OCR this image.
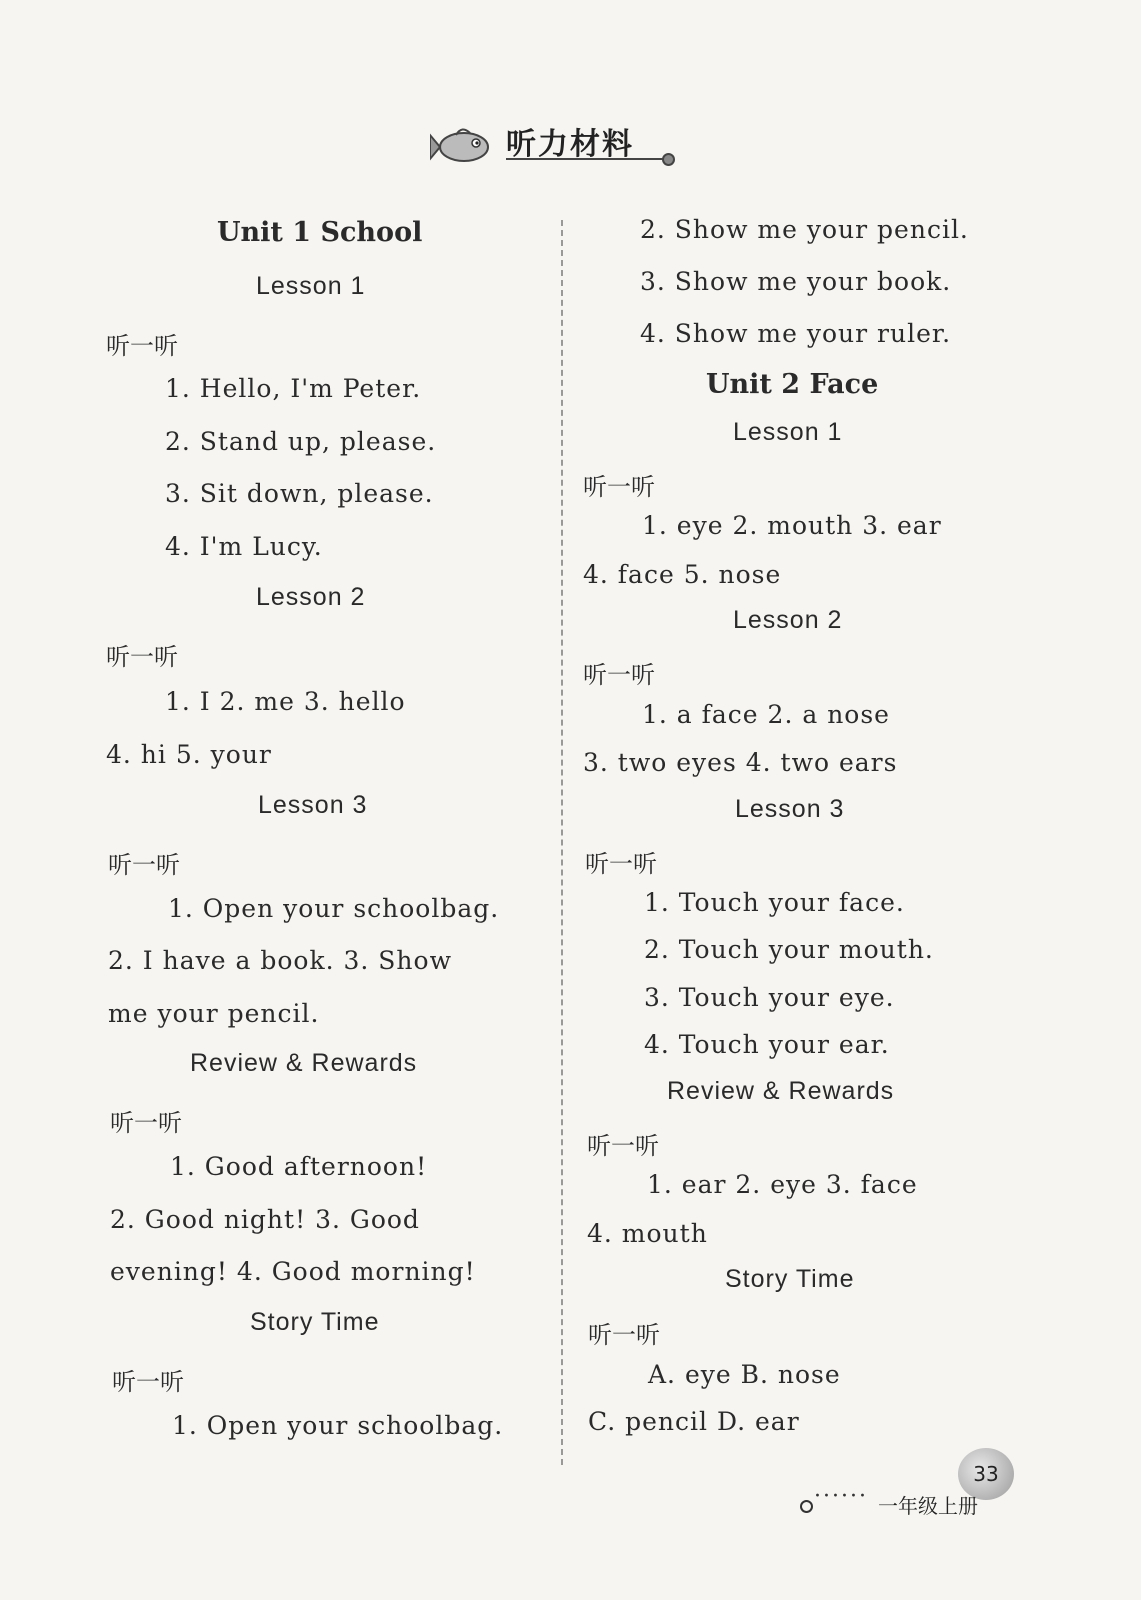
听力材料
Unit 1 School
Lesson 1
听一听
1. Hello, I'm Peter.
2. Stand up, please.
3. Sit down, please.
4. I'm Lucy.
Lesson 2
听一听
1. I 2. me 3. hello
4. hi 5. your
Lesson 3
听一听
1. Open your schoolbag.
2. I have a book. 3. Show
me your pencil.
Review & Rewards
听一听
1. Good afternoon!
2. Good night! 3. Good
evening! 4. Good morning!
Story Time
听一听
1. Open your schoolbag.
2. Show me your pencil.
3. Show me your book.
4. Show me your ruler.
Unit 2 Face
Lesson 1
听一听
1. eye 2. mouth 3. ear
4. face 5. nose
Lesson 2
听一听
1. a face 2. a nose
3. two eyes 4. two ears
Lesson 3
听一听
1. Touch your face.
2. Touch your mouth.
3. Touch your eye.
4. Touch your ear.
Review & Rewards
听一听
1. ear 2. eye 3. face
4. mouth
Story Time
听一听
A. eye B. nose
C. pencil D. ear
33
······ 一年级上册
